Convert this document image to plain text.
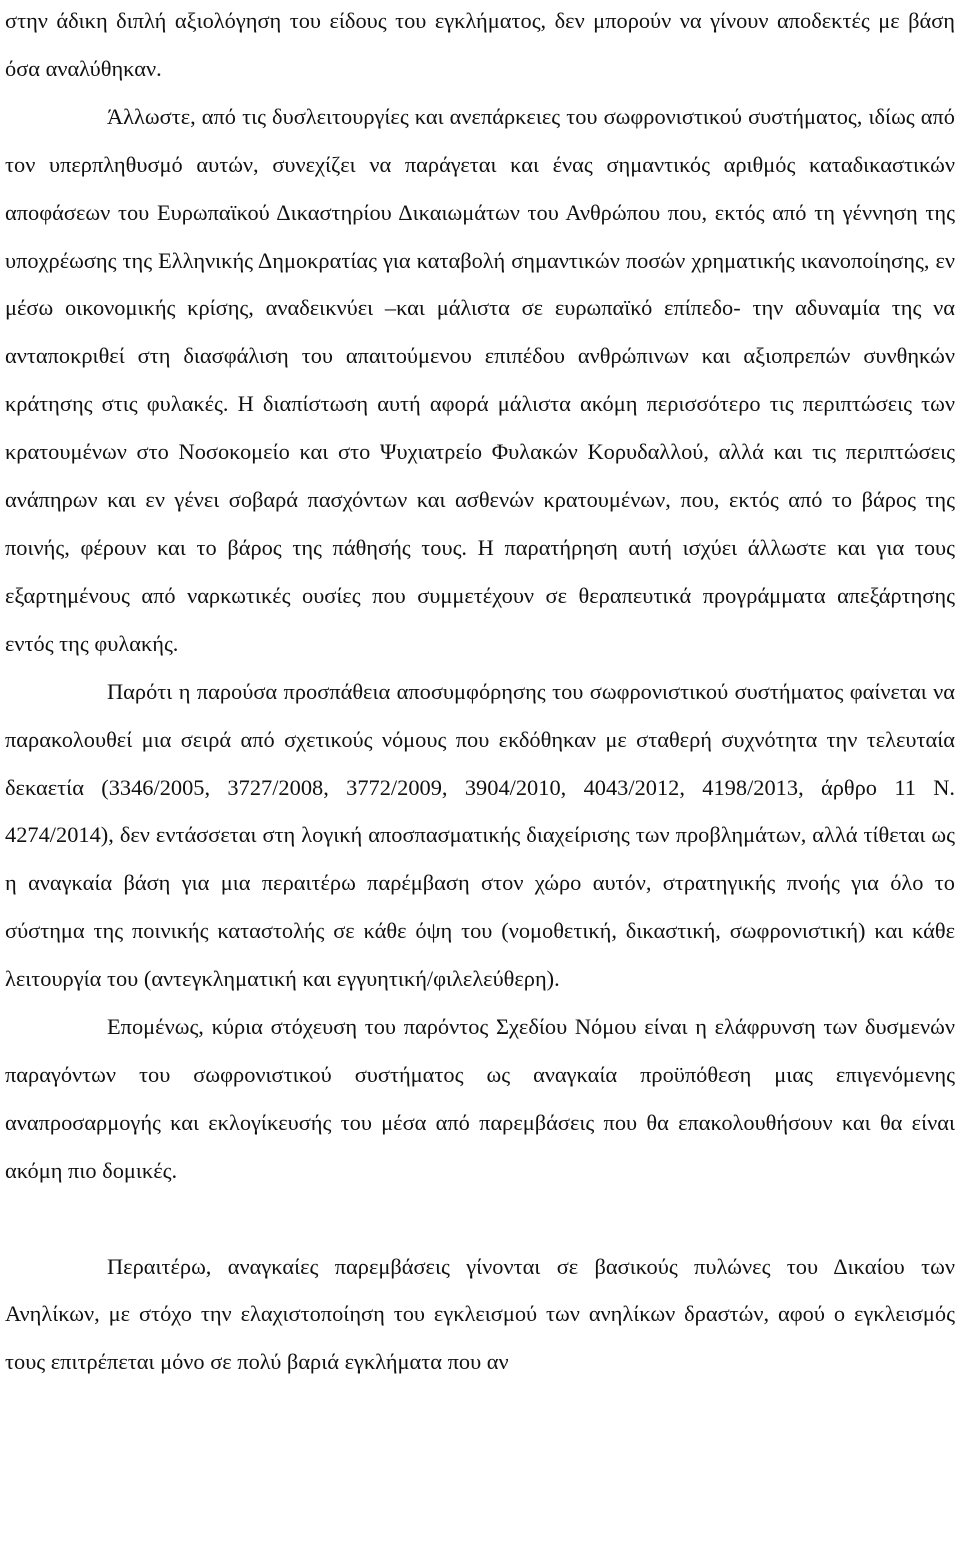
στην άδικη διπλή αξιολόγηση του είδους του εγκλήματος, δεν μπορούν να γίνουν αποδεκτές με βάση όσα αναλύθηκαν.

Άλλωστε, από τις δυσλειτουργίες και ανεπάρκειες του σωφρονιστικού συστήματος, ιδίως από τον υπερπληθυσμό αυτών, συνεχίζει να παράγεται και ένας σημαντικός αριθμός καταδικαστικών αποφάσεων του Ευρωπαϊκού Δικαστηρίου Δικαιωμάτων του Ανθρώπου που, εκτός από τη γέννηση της υποχρέωσης της Ελληνικής Δημοκρατίας για καταβολή σημαντικών ποσών χρηματικής ικανοποίησης, εν μέσω οικονομικής κρίσης, αναδεικνύει –και μάλιστα σε ευρωπαϊκό επίπεδο- την αδυναμία της να ανταποκριθεί στη διασφάλιση του απαιτούμενου επιπέδου ανθρώπινων και αξιοπρεπών συνθηκών κράτησης στις φυλακές. Η διαπίστωση αυτή αφορά μάλιστα ακόμη περισσότερο τις περιπτώσεις των κρατουμένων στο Νοσοκομείο και στο Ψυχιατρείο Φυλακών Κορυδαλλού, αλλά και τις περιπτώσεις ανάπηρων και εν γένει σοβαρά πασχόντων και ασθενών κρατουμένων, που, εκτός από το βάρος της ποινής, φέρουν και το βάρος της πάθησής τους. Η παρατήρηση αυτή ισχύει άλλωστε και για τους εξαρτημένους από ναρκωτικές ουσίες που συμμετέχουν σε θεραπευτικά προγράμματα απεξάρτησης εντός της φυλακής.

Παρότι η παρούσα προσπάθεια αποσυμφόρησης του σωφρονιστικού συστήματος φαίνεται να παρακολουθεί μια σειρά από σχετικούς νόμους που εκδόθηκαν με σταθερή συχνότητα την τελευταία δεκαετία (3346/2005, 3727/2008, 3772/2009, 3904/2010, 4043/2012, 4198/2013, άρθρο 11 Ν. 4274/2014), δεν εντάσσεται στη λογική αποσπασματικής διαχείρισης των προβλημάτων, αλλά τίθεται ως η αναγκαία βάση για μια περαιτέρω παρέμβαση στον χώρο αυτόν, στρατηγικής πνοής για όλο το σύστημα της ποινικής καταστολής σε κάθε όψη του (νομοθετική, δικαστική, σωφρονιστική) και κάθε λειτουργία του (αντεγκληματική και εγγυητική/φιλελεύθερη).

Επομένως, κύρια στόχευση του παρόντος Σχεδίου Νόμου είναι η ελάφρυνση των δυσμενών παραγόντων του σωφρονιστικού συστήματος ως αναγκαία προϋπόθεση μιας επιγενόμενης αναπροσαρμογής και εκλογίκευσής του μέσα από παρεμβάσεις που θα επακολουθήσουν και θα είναι ακόμη πιο δομικές.

Περαιτέρω, αναγκαίες παρεμβάσεις γίνονται σε βασικούς πυλώνες του Δικαίου των Ανηλίκων, με στόχο την ελαχιστοποίηση του εγκλεισμού των ανηλίκων δραστών, αφού ο εγκλεισμός τους επιτρέπεται μόνο σε πολύ βαριά εγκλήματα που αν
